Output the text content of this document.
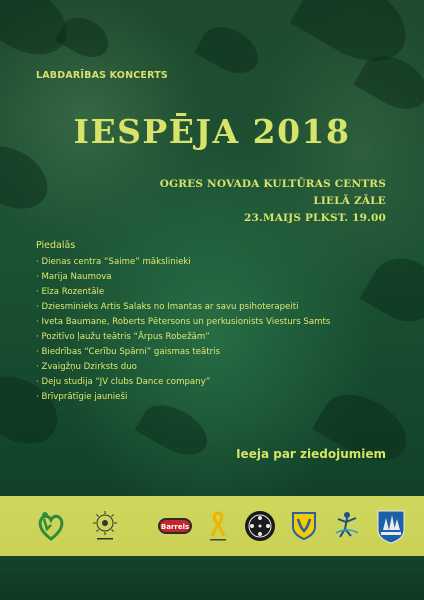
LABDARĪBAS KONCERTS
IESPĒJA 2018
OGRES NOVADA KULTŪRAS CENTRS
LIELĀ ZĀLE
23.MAIJS PLKST. 19.00
Piedalās
· Dienas centra “Saime” mākslinieki
· Marija Naumova
· Elza Rozentāle
· Dziesminieks Artis Salaks no Imantas ar savu psihoterapeiti
· Iveta Baumane, Roberts Pētersons un perkusionists Viesturs Samts
· Pozitīvo ļaužu teātris “Ārpus Robežām”
· Biedrības “Cerību Spārni” gaismas teātris
· Zvaigžņu Dzirksts duo
· Deju studija “JV clubs Dance company”
· Brīvprātīgie jaunieši
Ieeja par ziedojumiem
Barrels
